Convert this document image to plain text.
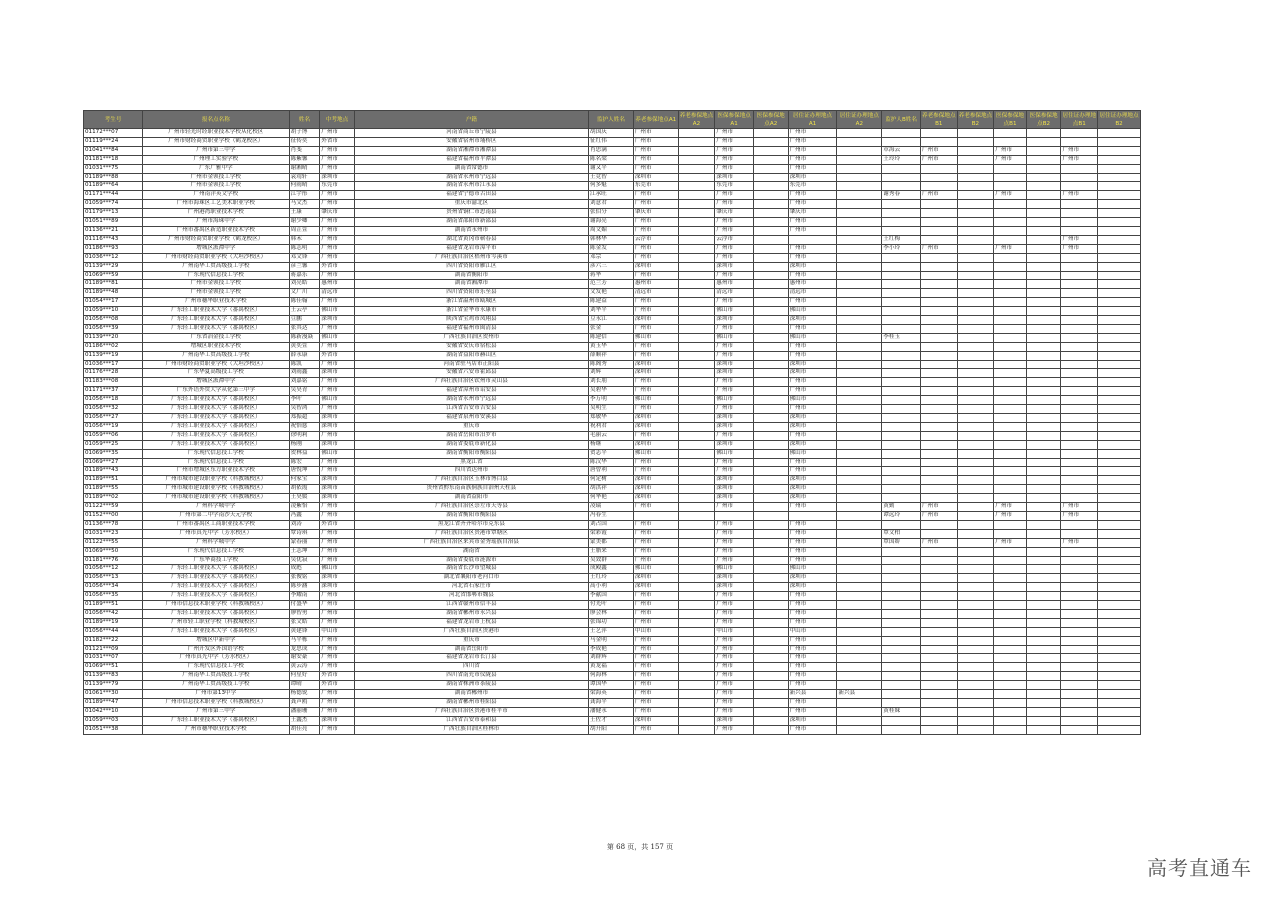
考生号	报名点名称	姓名	中考地点	户籍	监护人姓名	养老参保地点A1	养老参保地点A2	医保参保地点A1	医保参保地点A2	居住证办理地点A1	居住证办理地点A2	监护人B姓名	养老参保地点B1	养老参保地点B2	医保参保地点B1	医保参保地点B2	居住证办理地点B1	居住证办理地点B2
01172***07	广州市轻光时经职业技术学校从化校区	胡子博	广州市	河南省商丘市宁陵县	胡国庆	广州市		广州市		广州市								
01119***24	广州市财经商贸职业学校（鹤龙校区）	征传奕	外省市	安徽省宿州市埇桥区	征红伟	广州市		广州市		广州市								
01041***84	广州市第三中学	肖斐	广州市	湖南省湘潭市湘潭县	肖思满	广州市		广州市		广州市		章海云	广州市		广州市		广州市	
01181***18	广州理工实验学校	陈紫馨	广州市	福建省福州市平潭县	陈名梁	广州市		广州市		广州市		王玲玲	广州市		广州市		广州市	
01031***75	广东广雅中学	谢湘晴	广州市	湖南省常德市	谢又平	广州市		广州市		广州市								
01189***88	广州市金领技工学校	袁靖轩	深圳市	湖南省永州市宁远县	王竞智	深圳市		深圳市		深圳市								
01189***64	广州市金领技工学校	何雨晴	东莞市	湖南省永州市江永县	何多魁	东莞市		东莞市		东莞市								
01171***44	广州南洋英文学校	江宇彤	广州市	福建省宁德市古田县	江承旺	广州市		广州市		广州市		谢秀春	广州市		广州市		广州市	
01059***74	广州市海珠区工艺美术职业学校	马文杰	广州市	重庆市渝北区	刘意君	广州市		广州市		广州市								
01179***13	广州港湾职业技术学校	王康	肇庆市	贵州省铜仁市思南县	张伯分	肇庆市		肇庆市		肇庆市								
01051***89	广州市海珠中学	谢少卿	广州市	湖南省邵阳市新邵县	谢海亮	广州市		广州市		广州市								
01136***21	广州市番禺区新造职业技术学校	周芷萱	广州市	湖南省永州市	周文媚	广州市		广州市		广州市								
01116***43	广州市财经商贸职业学校（鹤龙校区）	韩禾	广州市	湖北省黄冈市蕲春县	韩林华	云浮市		云浮市				王红梅					广州市	
01186***93	增城区派潭中学	陈志明	广州市	福建省龙岩市漳平市	陈金发	广州市		广州市		广州市		李小玲	广州市		广州市		广州市	
01036***12	广州市财经商贸职业学校（大坦沙校区）	邓文锋	广州市	广西壮族自治区梧州市岑溪市	邓宗	广州市		广州市		广州市								
01139***29	广州南华工贸高级技工学校	彦兰馨	外省市	四川省资阳市雁江区	彦六三	深圳市		深圳市		深圳市								
01069***59	广东现代信息技工学校	蒋嘉乐	广州市	湖南省衡阳市	蒋华	广州市		广州市		广州市								
01189***81	广州市金领技工学校	刘亮皓	惠州市	湖南省湘潭市	范兰芳	惠州市		惠州市		惠州市								
01189***48	广州市金领技工学校	文广川	清远市	四川省资阳市乐至县	文发艳	清远市		清远市		清远市								
01054***17	广州市穗华职业技术学校	陈佳翰	广州市	浙江省温州市瓯城区	陈建益	广州市		广州市		广州市								
01059***10	广东轻工职业技术大学（番禺校区）	王云亭	佛山市	浙江省金华市永康市	刘华平	广州市		佛山市		佛山市								
01056***08	广东轻工职业技术大学（番禺校区）	豆鹏	深圳市	陕西省宝鸡市凤翔县	豆永江	深圳市		深圳市		深圳市								
01056***39	广东轻工职业技术大学（番禺校区）	张其达	广州市	福建省福州市闽清县	张金	广州市		广州市		广州市								
01139***20	广东省冶金技工学校	陈新漫焱	佛山市	广西壮族自治区贺州市	陈建信	佛山市		佛山市		佛山市		李桂玉						
01186***02	增城区职业技术学校	黄奕萱	广州市	安徽省安庆市宿松县	黄玉华	广州市		广州市		广州市								
01139***19	广州南华工贸高级技工学校	薛永康	外省市	湖南省益阳市赫山区	薛顺祥	广州市		广州市		广州市								
01036***17	广州市财经商贸职业学校（大坦沙校区）	陈凯	广州市	河南省驻马店市正阳县	陈阁秀	深圳市		深圳市		深圳市								
01176***28	广东华夏高级技工学校	刘雨鑫	深圳市	安徽省六安市霍邱县	刘辉	深圳市		深圳市		深圳市								
01183***08	增城区派潭中学	刘嘉铭	广州市	广西壮族自治区钦州市灵山县	刘长朋	广州市		广州市		广州市								
01171***37	广东外语外贸大学从化第三中学	吴昊青	广州市	福建省漳州市诏安县	吴碧华	广州市		广州市		广州市								
01056***18	广东轻工职业技术大学（番禺校区）	李叶	佛山市	湖南省永州市宁远县	李万明	佛山市		佛山市		佛山市								
01056***32	广东轻工职业技术大学（番禺校区）	吴智鸿	广州市	江西省吉安市吉安县	吴明生	广州市		广州市		广州市								
01056***27	广东轻工职业技术大学（番禺校区）	郑振超	深圳市	福建省泉州市安溪县	郑敏华	深圳市		深圳市		深圳市								
01056***19	广东轻工职业技术大学（番禺校区）	祝怡慈	深圳市	重庆市	祝利君	深圳市		深圳市		深圳市								
01059***06	广东轻工职业技术大学（番禺校区）	徐明莉	广州市	湖南省岳阳市汨罗市	毛丽云	广州市		广州市		广州市								
01059***25	广东轻工职业技术大学（番禺校区）	杨刚	深圳市	湖南省娄底市新化县	杨继	深圳市		深圳市		深圳市								
01069***35	广东现代信息技工学校	贺林益	佛山市	湖南省衡阳市衡阳县	贺志平	佛山市		佛山市		佛山市								
01069***27	广东现代信息技工学校	陈宏	广州市	黑龙江省	陈汉华	广州市		广州市		广州市								
01189***43	广州市增城区东方职业技术学校	唐悦坤	广州市	四川省达州市	唐曾利	广州市		广州市		广州市								
01189***51	广州市城市建设职业学校（科教城校区）	何家宝	深圳市	广西壮族自治区玉林市博白县	何定树	深圳市		深圳市		深圳市								
01189***55	广州市城市建设职业学校（科教城校区）	胡依霞	深圳市	贵州省黔东南苗族侗族自治州天柱县	胡洪祥	深圳市		深圳市		深圳市								
01189***02	广州市城市建设职业学校（科教城校区）	王昊媛	深圳市	湖南省益阳市	何华艳	深圳市		深圳市		深圳市								
01122***59	广州科学城中学	凌紫怡	广州市	广西壮族自治区崇左市天等县	凌瑞	广州市		广州市		广州市		黄勤	广州市		广州市		广州市	
01152***00	广州市第二中学南沙天元学校	冯鑫	广州市	湖南省衡阳市衡阳县	冯春生							谭远玲	广州市		广州市		广州市	
01136***78	广州市番禺区工商职业技术学校	刘涛	外省市	黑龙江省齐齐哈尔市克东县	刘占国	广州市		广州市		广州市								
01031***23	广州市真光中学（芳水校区）	覃诗琪	广州市	广西壮族自治区贵港市覃塘区	梁彩霞	广州市		广州市		广州市		覃文柏						
01122***55	广州科学城中学	蒙春丽	广州市	广西壮族自治区来宾市金秀瑶族自治县	蒙美都	广州市		广州市		广州市		覃国娇	广州市		广州市		广州市	
01069***50	广东现代信息技工学校	王志坤	广州市	湖南省	王腊来	广州市		广州市		广州市								
01181***76	广东华商技工学校	吴优寂	广州市	湖南省娄底市涟源市	吴效群	广州市		广州市		广州市								
01056***12	广东轻工职业技术大学（番禺校区）	成彪	佛山市	湖南省长沙市望城县	成殿鑫	佛山市		佛山市		佛山市								
01056***13	广东轻工职业技术大学（番禺校区）	张俊铭	深圳市	湖北省襄阳市老河口市	王红玲	深圳市		深圳市		深圳市								
01056***34	广东轻工职业技术大学（番禺校区）	陈步涵	深圳市	河北省石家庄市	高小利	深圳市		深圳市		深圳市								
01056***35	广东轻工职业技术大学（番禺校区）	李耀南	广州市	河北省邯郸市魏县	李献国	广州市		广州市		广州市								
01189***51	广州市信息技术职业学校（科教城校区）	付盛华	广州市	江西省赣州市信丰县	付光叶	广州市		广州市		广州市								
01056***42	广东轻工职业技术大学（番禺校区）	廖智勇	广州市	湖南省郴州市永兴县	廖会林	广州市		广州市		广州市								
01189***19	广州市轻工职业学校（科教城校区）	张文皓	广州市	福建省龙岩市上杭县	张锦功	广州市		广州市		广州市								
01056***44	广东轻工职业技术大学（番禺校区）	黄建锋	中山市	广西壮族自治区贵港市	王艺萍	中山市		中山市		中山市								
01182***22	增城区中新中学	马平栋	广州市	重庆市	马金明	广州市		广州市		广州市								
01121***09	广州开发区外国语学校	龙思成	广州市	湖南省岳阳市	李成艳	广州市		广州市		广州市								
01031***07	广州市真光中学（芳水校区）	谢安豪	广州市	福建省龙岩市长汀县	刘群辉	广州市		广州市		广州市								
01069***51	广东现代信息技工学校	黄云涛	广州市	四川省	黄龙福	广州市		广州市		广州市								
01139***83	广州南华工贸高级技工学校	何星好	外省市	四川省南充市仪陇县	何海林	广州市		广州市		广州市								
01139***79	广州南华工贸高级技工学校	谭晴	外省市	湖南省株洲市茶陵县	谭国华	广州市		广州市		广州市								
01061***30	广州市第13中学	杨德锐	广州市	湖南省郴州市	梁海英	广州市		广州市		新兴县	新兴县							
01189***47	广州市信息技术职业学校（科教城校区）	龚声鸥	广州市	湖南省郴州市桂阳县	龚海平	广州市		广州市		广州市								
01042***10	广州市第三中学	潘丽珊	广州市	广西壮族自治区贵港市桂平市	潘健永	广州市		广州市		广州市		黄桂妹						
01059***03	广东轻工职业技术大学（番禺校区）	王鑫杰	深圳市	江西省吉安市泰和县	王佐才	深圳市		深圳市		深圳市								
01051***38	广州市穗华职业技术学校	胡佳亮	广州市	广西壮族自治区桂林市	胡升阳	广州市		广州市		广州市								
第 68 页，共 157 页
高考直通车
